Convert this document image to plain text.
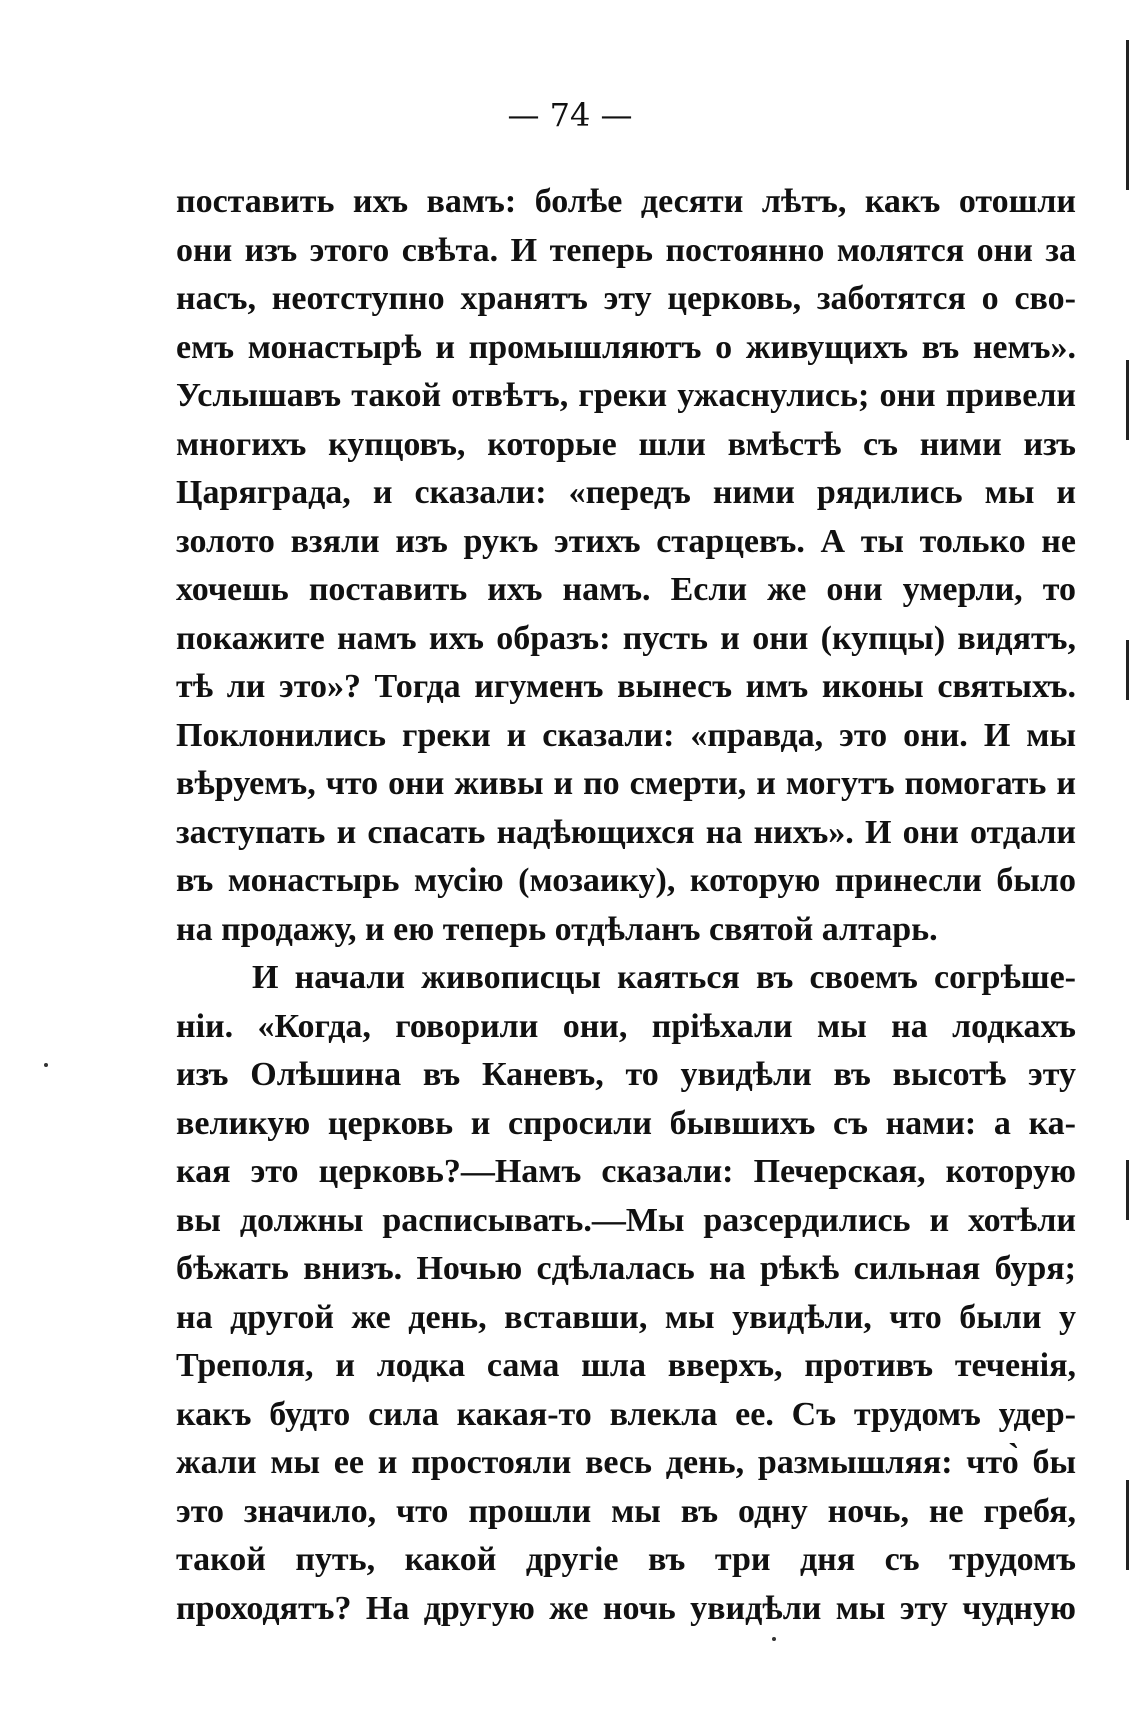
— 74 —
поставить ихъ вамъ: болѣе десяти лѣтъ, какъ отошли
они изъ этого свѣта. И теперь постоянно молятся они за
насъ, неотступно хранятъ эту церковь, заботятся о сво-
емъ монастырѣ и промышляютъ о живущихъ въ немъ».
Услышавъ такой отвѣтъ, греки ужаснулись; они привели
многихъ купцовъ, которые шли вмѣстѣ съ ними изъ
Царяграда, и сказали: «передъ ними рядились мы и
золото взяли изъ рукъ этихъ старцевъ. А ты только не
хочешь поставить ихъ намъ. Если же они умерли, то
покажите намъ ихъ образъ: пусть и они (купцы) видятъ,
тѣ ли это»? Тогда игуменъ вынесъ имъ иконы святыхъ.
Поклонились греки и сказали: «правда, это они. И мы
вѣруемъ, что они живы и по смерти, и могутъ помогать и
заступать и спасать надѣющихся на нихъ». И они отдали
въ монастырь мусію (мозаику), которую принесли было
на продажу, и ею теперь отдѣланъ святой алтарь.
И начали живописцы каяться въ своемъ согрѣше-
ніи. «Когда, говорили они, пріѣхали мы на лодкахъ
изъ Олѣшина въ Каневъ, то увидѣли въ высотѣ эту
великую церковь и спросили бывшихъ съ нами: а ка-
кая это церковь?—Намъ сказали: Печерская, которую
вы должны расписывать.—Мы разсердились и хотѣли
бѣжать внизъ. Ночью сдѣлалась на рѣкѣ сильная буря;
на другой же день, вставши, мы увидѣли, что были у
Треполя, и лодка сама шла вверхъ, противъ теченія,
какъ будто сила какая-то влекла ее. Съ трудомъ удер-
жали мы ее и простояли весь день, размышляя: что̀ бы
это значило, что прошли мы въ одну ночь, не гребя,
такой путь, какой другіе въ три дня съ трудомъ
проходятъ? На другую же ночь увидѣли мы эту чудную
